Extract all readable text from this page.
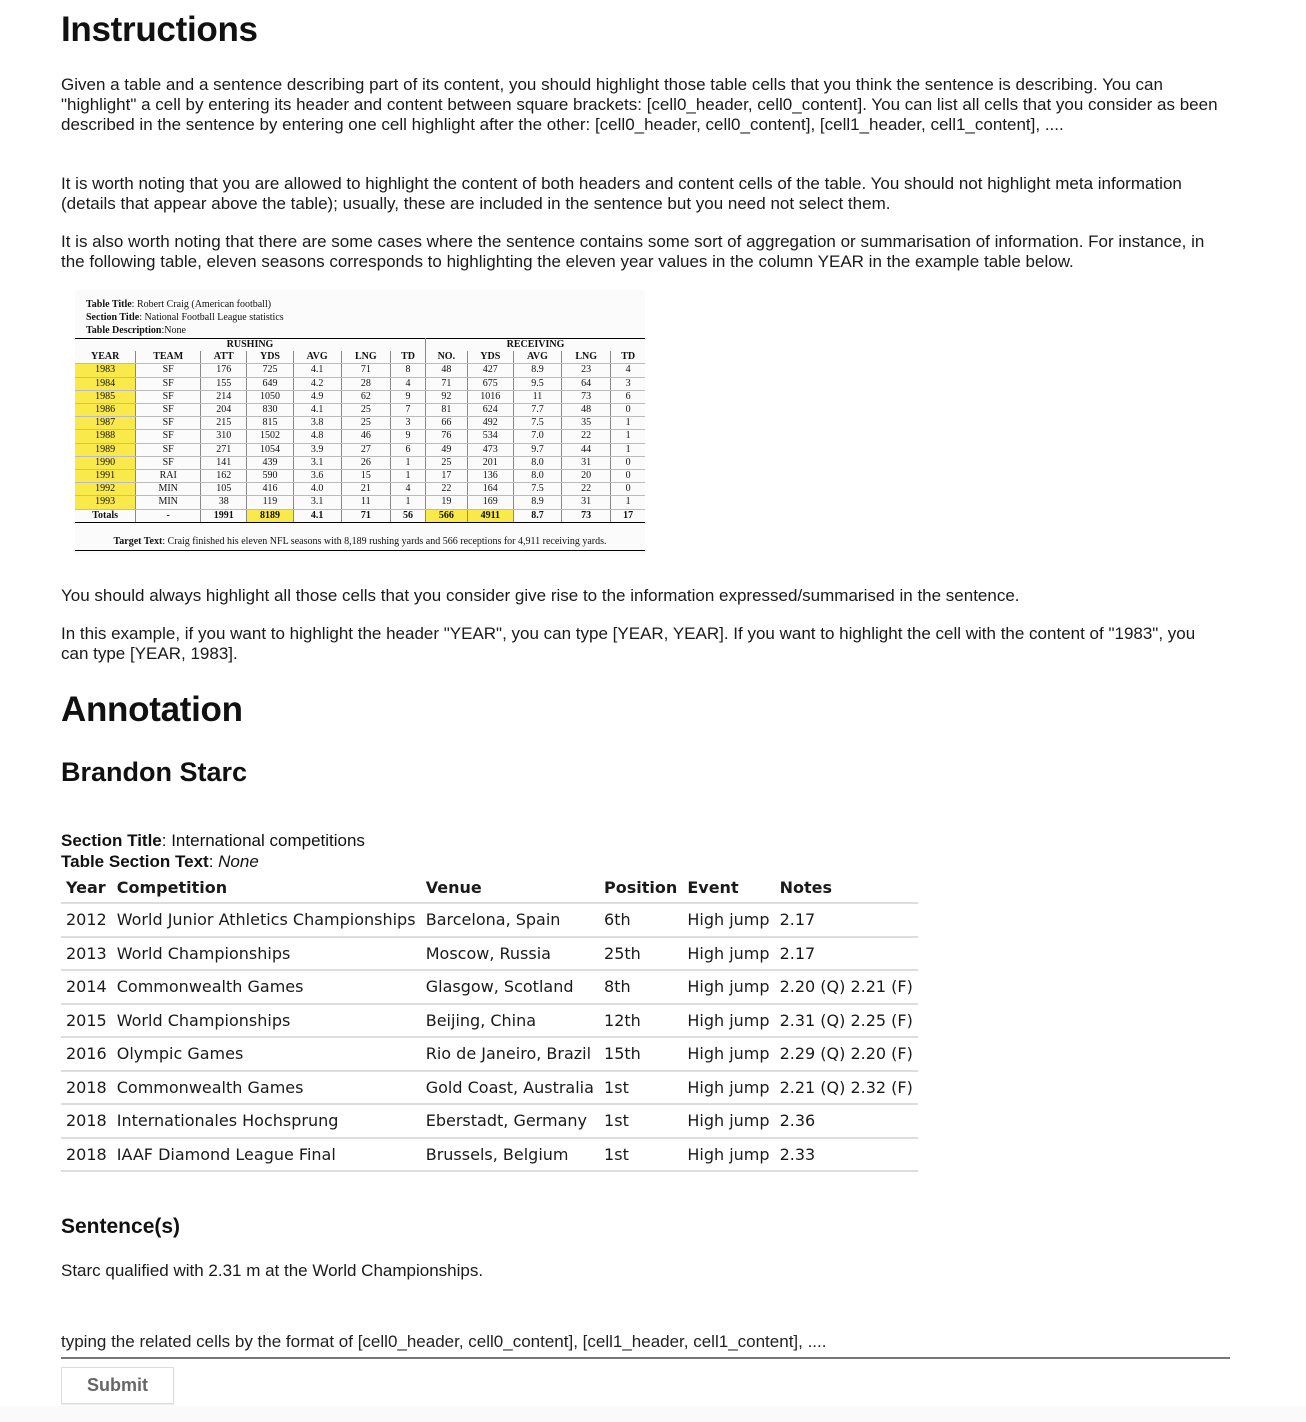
Instructions

Given a table and a sentence describing part of its content, you should highlight those table cells that you think the sentence is describing. You can "highlight" a cell by entering its header and content between square brackets: [cell0_header, cell0_content]. You can list all cells that you consider as been described in the sentence by entering one cell highlight after the other: [cell0_header, cell0_content], [cell1_header, cell1_content], ....

It is worth noting that you are allowed to highlight the content of both headers and content cells of the table. You should not highlight meta information (details that appear above the table); usually, these are included in the sentence but you need not select them.

It is also worth noting that there are some cases where the sentence contains some sort of aggregation or summarisation of information. For instance, in the following table, eleven seasons corresponds to highlighting the eleven year values in the column YEAR in the example table below.

Table Title: Robert Craig (American football)
Section Title: National Football League statistics
Table Description:None
RUSHING							RECEIVING				
YEAR	TEAM	ATT	YDS	AVG	LNG	TD	NO.	YDS	AVG	LNG	TD
1983	SF	176	725	4.1	71	8	48	427	8.9	23	4
1984	SF	155	649	4.2	28	4	71	675	9.5	64	3
1985	SF	214	1050	4.9	62	9	92	1016	11	73	6
1986	SF	204	830	4.1	25	7	81	624	7.7	48	0
1987	SF	215	815	3.8	25	3	66	492	7.5	35	1
1988	SF	310	1502	4.8	46	9	76	534	7.0	22	1
1989	SF	271	1054	3.9	27	6	49	473	9.7	44	1
1990	SF	141	439	3.1	26	1	25	201	8.0	31	0
1991	RAI	162	590	3.6	15	1	17	136	8.0	20	0
1992	MIN	105	416	4.0	21	4	22	164	7.5	22	0
1993	MIN	38	119	3.1	11	1	19	169	8.9	31	1
Totals	-	1991	8189	4.1	71	56	566	4911	8.7	73	17
Target Text: Craig finished his eleven NFL seasons with 8,189 rushing yards and 566 receptions for 4,911 receiving yards.

You should always highlight all those cells that you consider give rise to the information expressed/summarised in the sentence.

In this example, if you want to highlight the header "YEAR", you can type [YEAR, YEAR]. If you want to highlight the cell with the content of "1983", you can type [YEAR, 1983].

Annotation
Brandon Starc
Section Title: International competitions
Table Section Text: None
Year	Competition	Venue	Position	Event	Notes
2012	World Junior Athletics Championships	Barcelona, Spain	6th	High jump	2.17
2013	World Championships	Moscow, Russia	25th	High jump	2.17
2014	Commonwealth Games	Glasgow, Scotland	8th	High jump	2.20 (Q) 2.21 (F)
2015	World Championships	Beijing, China	12th	High jump	2.31 (Q) 2.25 (F)
2016	Olympic Games	Rio de Janeiro, Brazil	15th	High jump	2.29 (Q) 2.20 (F)
2018	Commonwealth Games	Gold Coast, Australia	1st	High jump	2.21 (Q) 2.32 (F)
2018	Internationales Hochsprung	Eberstadt, Germany	1st	High jump	2.36
2018	IAAF Diamond League Final	Brussels, Belgium	1st	High jump	2.33
Sentence(s)

Starc qualified with 2.31 m at the World Championships.

typing the related cells by the format of [cell0_header, cell0_content], [cell1_header, cell1_content], ....
Submit
